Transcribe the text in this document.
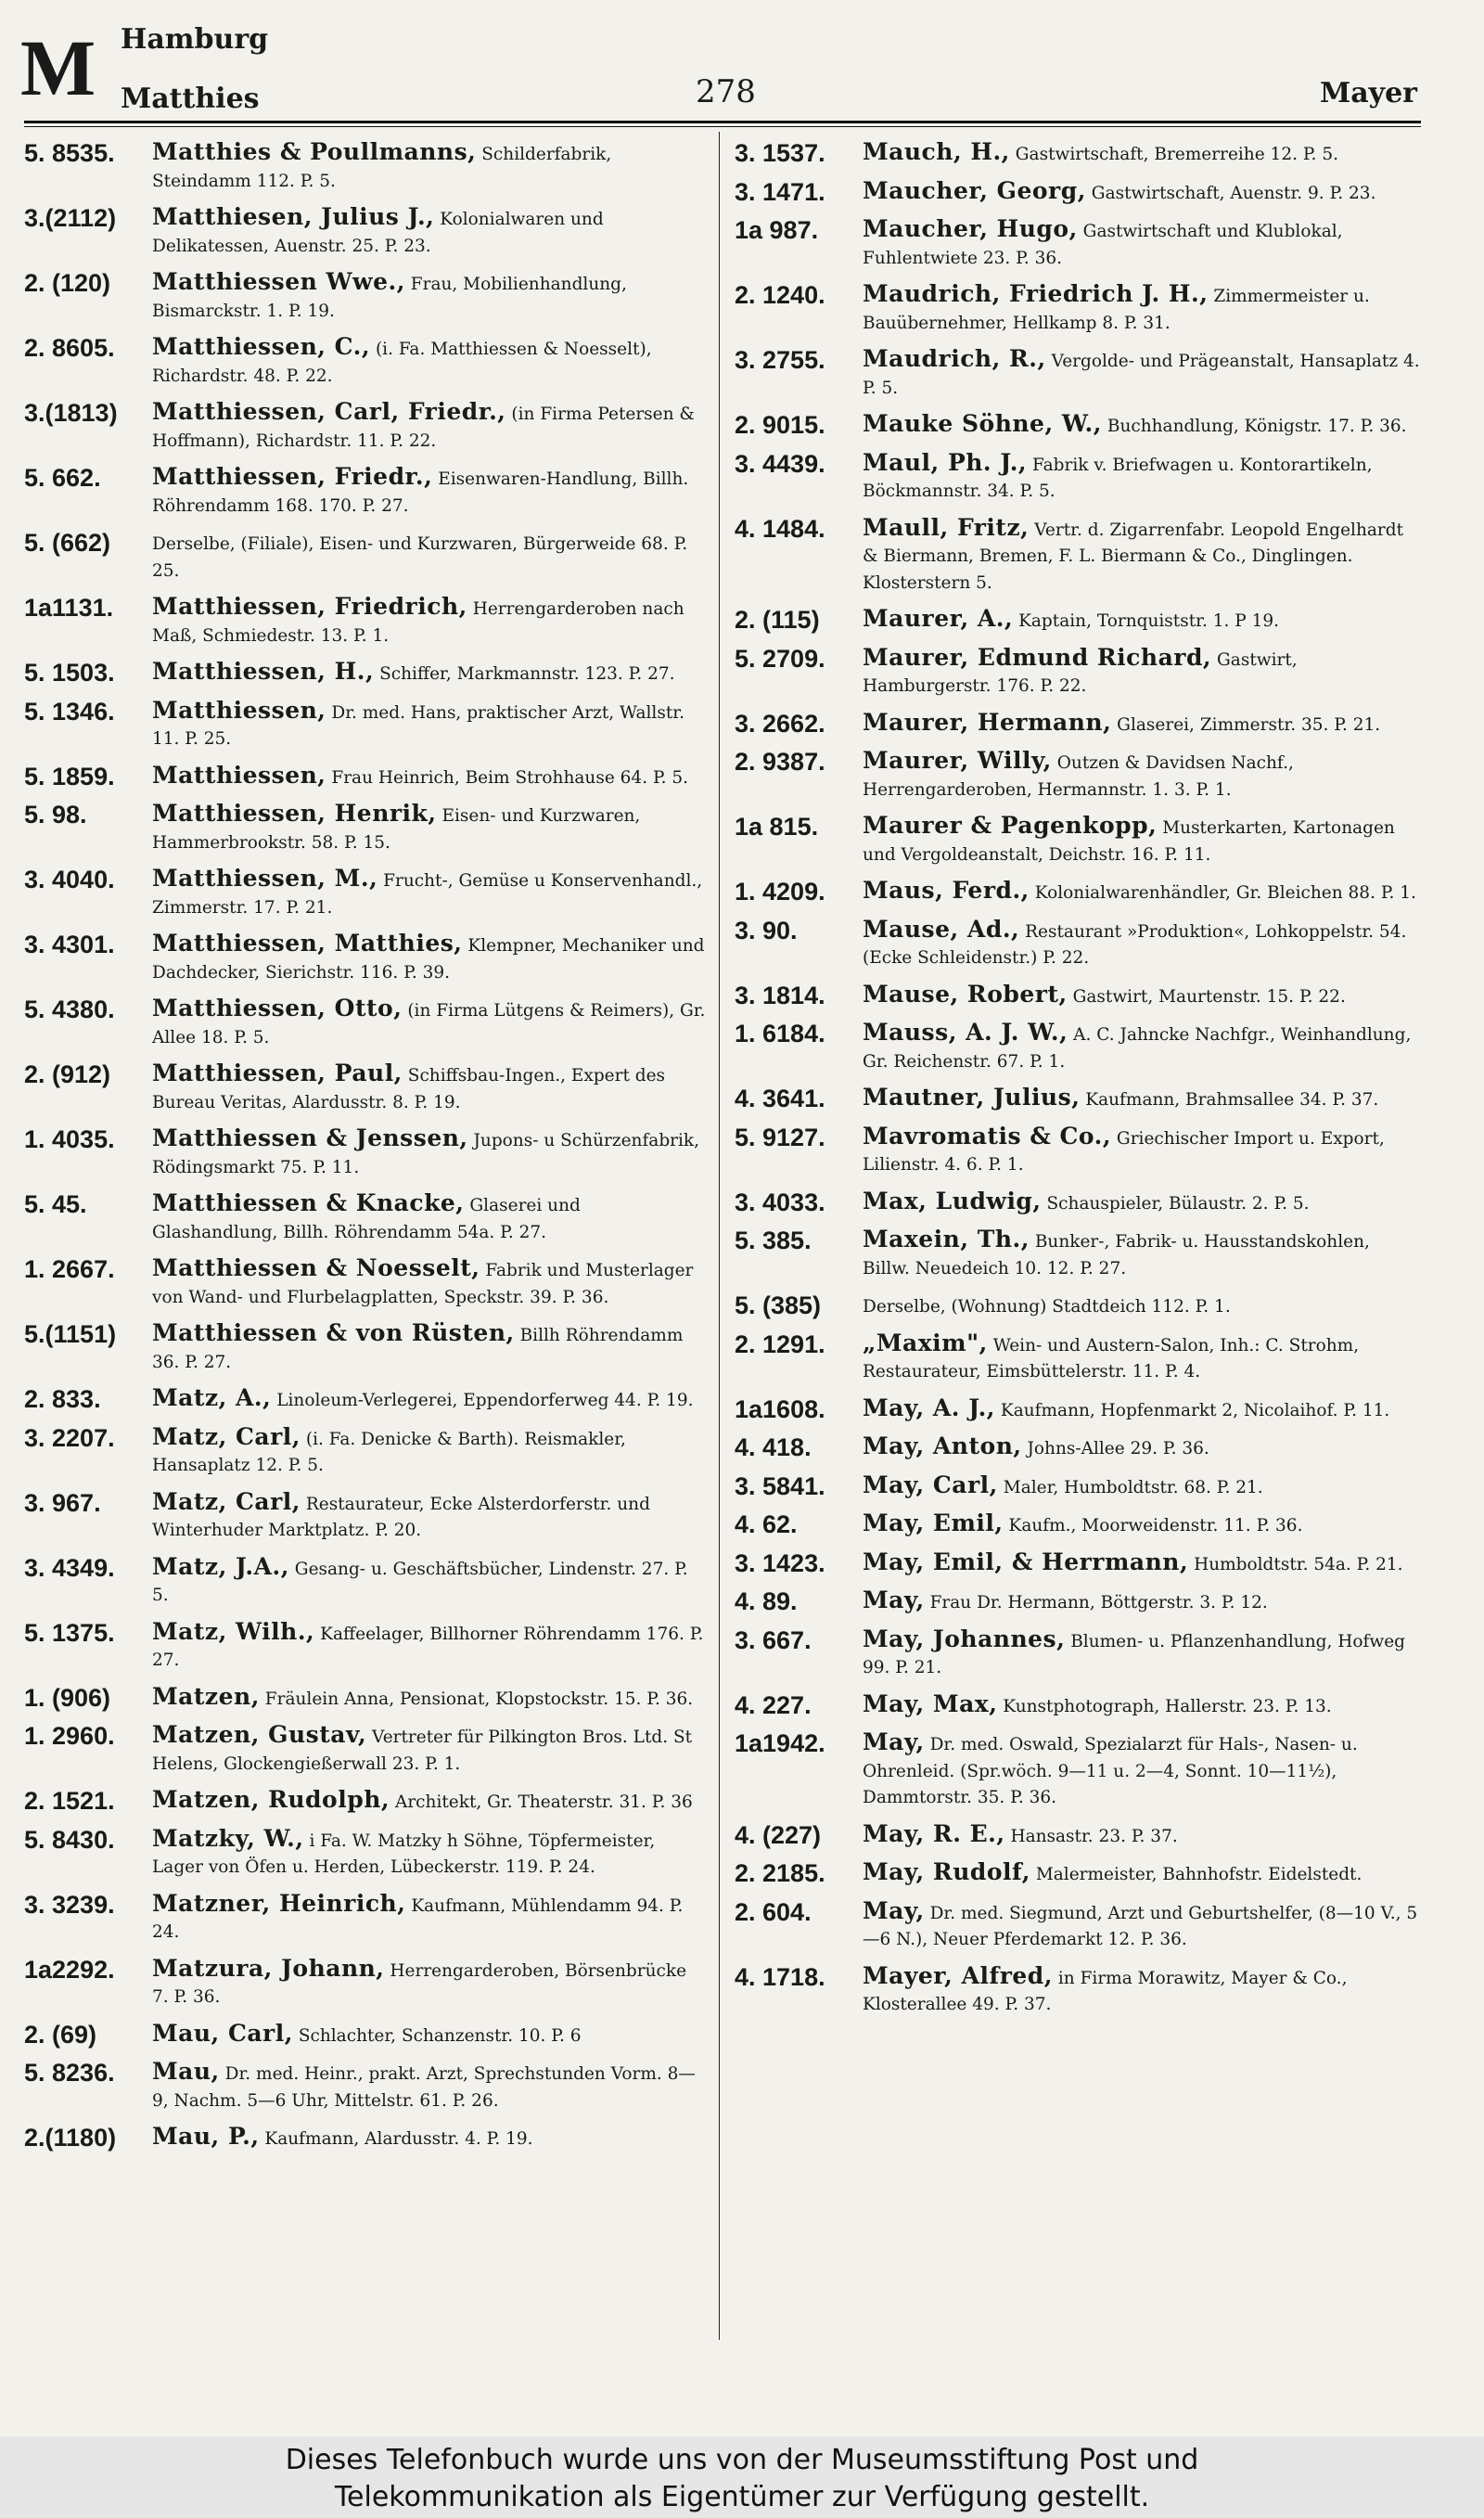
M Hamburg
Matthies	278	Mayer
5. 8535.	Matthies & Poullmanns, Schilderfabrik, Steindamm 112. P. 5.
3.(2112)	Matthiesen, Julius J., Kolonialwaren und Delikatessen, Auenstr. 25. P. 23.
2. (120)	Matthiessen Wwe., Frau, Mobilienhandlung, Bismarckstr. 1. P. 19.
2. 8605.	Matthiessen, C., (i. Fa. Matthiessen & Noesselt), Richardstr. 48. P. 22.
3.(1813)	Matthiessen, Carl, Friedr., (in Firma Petersen & Hoffmann), Richardstr. 11. P. 22.
5. 662.	Matthiessen, Friedr., Eisenwaren-Handlung, Billh. Röhrendamm 168. 170. P. 27.
5. (662)	Derselbe, (Filiale), Eisen- und Kurzwaren, Bürgerweide 68. P. 25.
1a1131.	Matthiessen, Friedrich, Herrengarderoben nach Maß, Schmiedestr. 13. P. 1.
5. 1503.	Matthiessen, H., Schiffer, Markmannstr. 123. P. 27.
5. 1346.	Matthiessen, Dr. med. Hans, praktischer Arzt, Wallstr. 11. P. 25.
5. 1859.	Matthiessen, Frau Heinrich, Beim Strohhause 64. P. 5.
5. 98.	Matthiessen, Henrik, Eisen- und Kurzwaren, Hammerbrookstr. 58. P. 15.
3. 4040.	Matthiessen, M., Frucht-, Gemüse u Konservenhandl., Zimmerstr. 17. P. 21.
3. 4301.	Matthiessen, Matthies, Klempner, Mechaniker und Dachdecker, Sierichstr. 116. P. 39.
5. 4380.	Matthiessen, Otto, (in Firma Lütgens & Reimers), Gr. Allee 18. P. 5.
2. (912)	Matthiessen, Paul, Schiffsbau-Ingen., Expert des Bureau Veritas, Alardusstr. 8. P. 19.
1. 4035.	Matthiessen & Jenssen, Jupons- u Schürzenfabrik, Rödingsmarkt 75. P. 11.
5. 45.	Matthiessen & Knacke, Glaserei und Glashandlung, Billh. Röhrendamm 54a. P. 27.
1. 2667.	Matthiessen & Noesselt, Fabrik und Musterlager von Wand- und Flurbelagplatten, Speckstr. 39. P. 36.
5.(1151)	Matthiessen & von Rüsten, Billh Röhrendamm 36. P. 27.
2. 833.	Matz, A., Linoleum-Verlegerei, Eppendorferweg 44. P. 19.
3. 2207.	Matz, Carl, (i. Fa. Denicke & Barth). Reismakler, Hansaplatz 12. P. 5.
3. 967.	Matz, Carl, Restaurateur, Ecke Alsterdorferstr. und Winterhuder Marktplatz. P. 20.
3. 4349.	Matz, J.A., Gesang- u. Geschäftsbücher, Lindenstr. 27. P. 5.
5. 1375.	Matz, Wilh., Kaffeelager, Billhorner Röhrendamm 176. P. 27.
1. (906)	Matzen, Fräulein Anna, Pensionat, Klopstockstr. 15. P. 36.
1. 2960.	Matzen, Gustav, Vertreter für Pilkington Bros. Ltd. St Helens, Glockengießerwall 23. P. 1.
2. 1521.	Matzen, Rudolph, Architekt, Gr. Theaterstr. 31. P. 36
5. 8430.	Matzky, W., i Fa. W. Matzky h Söhne, Töpfermeister, Lager von Öfen u. Herden, Lübeckerstr. 119. P. 24.
3. 3239.	Matzner, Heinrich, Kaufmann, Mühlendamm 94. P. 24.
1a2292.	Matzura, Johann, Herrengarderoben, Börsenbrücke 7. P. 36.
2. (69)	Mau, Carl, Schlachter, Schanzenstr. 10. P. 6
5. 8236.	Mau, Dr. med. Heinr., prakt. Arzt, Sprechstunden Vorm. 8—9, Nachm. 5—6 Uhr, Mittelstr. 61. P. 26.
2.(1180)	Mau, P., Kaufmann, Alardusstr. 4. P. 19.
3. 1537.	Mauch, H., Gastwirtschaft, Bremerreihe 12. P. 5.
3. 1471.	Maucher, Georg, Gastwirtschaft, Auenstr. 9. P. 23.
1a 987.	Maucher, Hugo, Gastwirtschaft und Klublokal, Fuhlentwiete 23. P. 36.
2. 1240.	Maudrich, Friedrich J. H., Zimmermeister u. Bauübernehmer, Hellkamp 8. P. 31.
3. 2755.	Maudrich, R., Vergolde- und Prägeanstalt, Hansaplatz 4. P. 5.
2. 9015.	Mauke Söhne, W., Buchhandlung, Königstr. 17. P. 36.
3. 4439.	Maul, Ph. J., Fabrik v. Briefwagen u. Kontorartikeln, Böckmannstr. 34. P. 5.
4. 1484.	Maull, Fritz, Vertr. d. Zigarrenfabr. Leopold Engelhardt & Biermann, Bremen, F. L. Biermann & Co., Dinglingen. Klosterstern 5.
2. (115)	Maurer, A., Kaptain, Tornquiststr. 1. P 19.
5. 2709.	Maurer, Edmund Richard, Gastwirt, Hamburgerstr. 176. P. 22.
3. 2662.	Maurer, Hermann, Glaserei, Zimmerstr. 35. P. 21.
2. 9387.	Maurer, Willy, Outzen & Davidsen Nachf., Herrengarderoben, Hermannstr. 1. 3. P. 1.
1a 815.	Maurer & Pagenkopp, Musterkarten, Kartonagen und Vergoldeanstalt, Deichstr. 16. P. 11.
1. 4209.	Maus, Ferd., Kolonialwarenhändler, Gr. Bleichen 88. P. 1.
3. 90.	Mause, Ad., Restaurant »Produktion«, Lohkoppelstr. 54. (Ecke Schleidenstr.) P. 22.
3. 1814.	Mause, Robert, Gastwirt, Maurtenstr. 15. P. 22.
1. 6184.	Mauss, A. J. W., A. C. Jahncke Nachfgr., Weinhandlung, Gr. Reichenstr. 67. P. 1.
4. 3641.	Mautner, Julius, Kaufmann, Brahmsallee 34. P. 37.
5. 9127.	Mavromatis & Co., Griechischer Import u. Export, Lilienstr. 4. 6. P. 1.
3. 4033.	Max, Ludwig, Schauspieler, Bülaustr. 2. P. 5.
5. 385.	Maxein, Th., Bunker-, Fabrik- u. Hausstandskohlen, Billw. Neuedeich 10. 12. P. 27.
5. (385)	Derselbe, (Wohnung) Stadtdeich 112. P. 1.
2. 1291.	„Maxim", Wein- und Austern-Salon, Inh.: C. Strohm, Restaurateur, Eimsbüttelerstr. 11. P. 4.
1a1608.	May, A. J., Kaufmann, Hopfenmarkt 2, Nicolaihof. P. 11.
4. 418.	May, Anton, Johns-Allee 29. P. 36.
3. 5841.	May, Carl, Maler, Humboldtstr. 68. P. 21.
4. 62.	May, Emil, Kaufm., Moorweidenstr. 11. P. 36.
3. 1423.	May, Emil, & Herrmann, Humboldtstr. 54a. P. 21.
4. 89.	May, Frau Dr. Hermann, Böttgerstr. 3. P. 12.
3. 667.	May, Johannes, Blumen- u. Pflanzenhandlung, Hofweg 99. P. 21.
4. 227.	May, Max, Kunstphotograph, Hallerstr. 23. P. 13.
1a1942.	May, Dr. med. Oswald, Spezialarzt für Hals-, Nasen- u. Ohrenleid. (Spr.wöch. 9—11 u. 2—4, Sonnt. 10—11½), Dammtorstr. 35. P. 36.
4. (227)	May, R. E., Hansastr. 23. P. 37.
2. 2185.	May, Rudolf, Malermeister, Bahnhofstr. Eidelstedt.
2. 604.	May, Dr. med. Siegmund, Arzt und Geburtshelfer, (8—10 V., 5—6 N.), Neuer Pferdemarkt 12. P. 36.
4. 1718.	Mayer, Alfred, in Firma Morawitz, Mayer & Co., Klosterallee 49. P. 37.
Dieses Telefonbuch wurde uns von der Museumsstiftung Post und
Telekommunikation als Eigentümer zur Verfügung gestellt.
